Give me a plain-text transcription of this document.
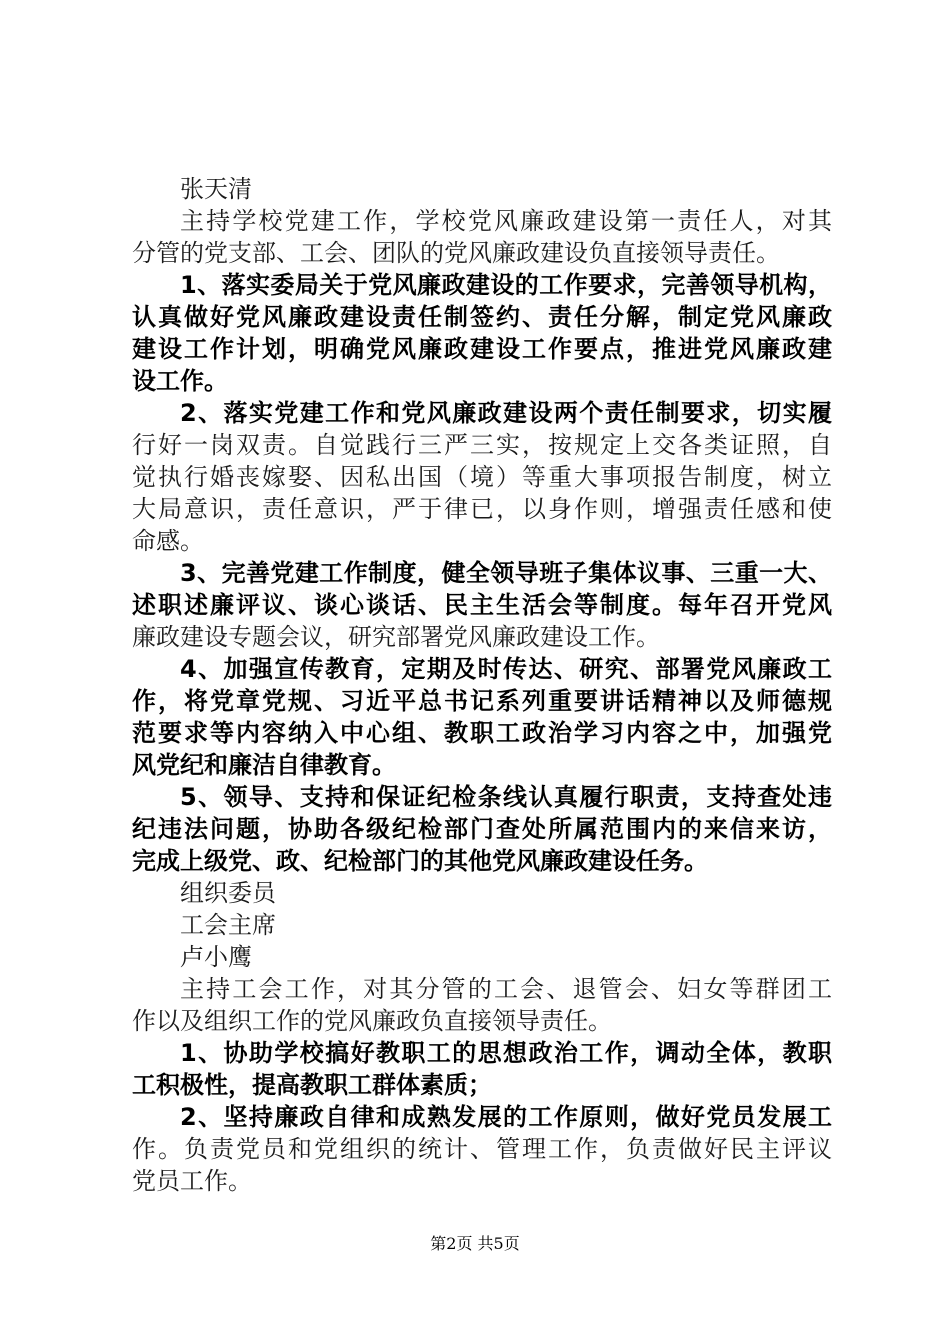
张天清
主持学校党建工作，学校党风廉政建设第一责任人，对其
分管的党支部、工会、团队的党风廉政建设负直接领导责任。
1、落实委局关于党风廉政建设的工作要求，完善领导机构，
认真做好党风廉政建设责任制签约、责任分解，制定党风廉政
建设工作计划，明确党风廉政建设工作要点，推进党风廉政建
设工作。
2、落实党建工作和党风廉政建设两个责任制要求，切实履
行好一岗双责。自觉践行三严三实，按规定上交各类证照，自
觉执行婚丧嫁娶、因私出国（境）等重大事项报告制度，树立
大局意识，责任意识，严于律已，以身作则，增强责任感和使
命感。
3、完善党建工作制度，健全领导班子集体议事、三重一大、
述职述廉评议、谈心谈话、民主生活会等制度。每年召开党风
廉政建设专题会议，研究部署党风廉政建设工作。
4、加强宣传教育，定期及时传达、研究、部署党风廉政工
作，将党章党规、习近平总书记系列重要讲话精神以及师德规
范要求等内容纳入中心组、教职工政治学习内容之中，加强党
风党纪和廉洁自律教育。
5、领导、支持和保证纪检条线认真履行职责，支持查处违
纪违法问题，协助各级纪检部门查处所属范围内的来信来访，
完成上级党、政、纪检部门的其他党风廉政建设任务。
组织委员
工会主席
卢小鹰
主持工会工作，对其分管的工会、退管会、妇女等群团工
作以及组织工作的党风廉政负直接领导责任。
1、协助学校搞好教职工的思想政治工作，调动全体，教职
工积极性，提高教职工群体素质；
2、坚持廉政自律和成熟发展的工作原则，做好党员发展工
作。负责党员和党组织的统计、管理工作，负责做好民主评议
党员工作。
第2页 共5页
